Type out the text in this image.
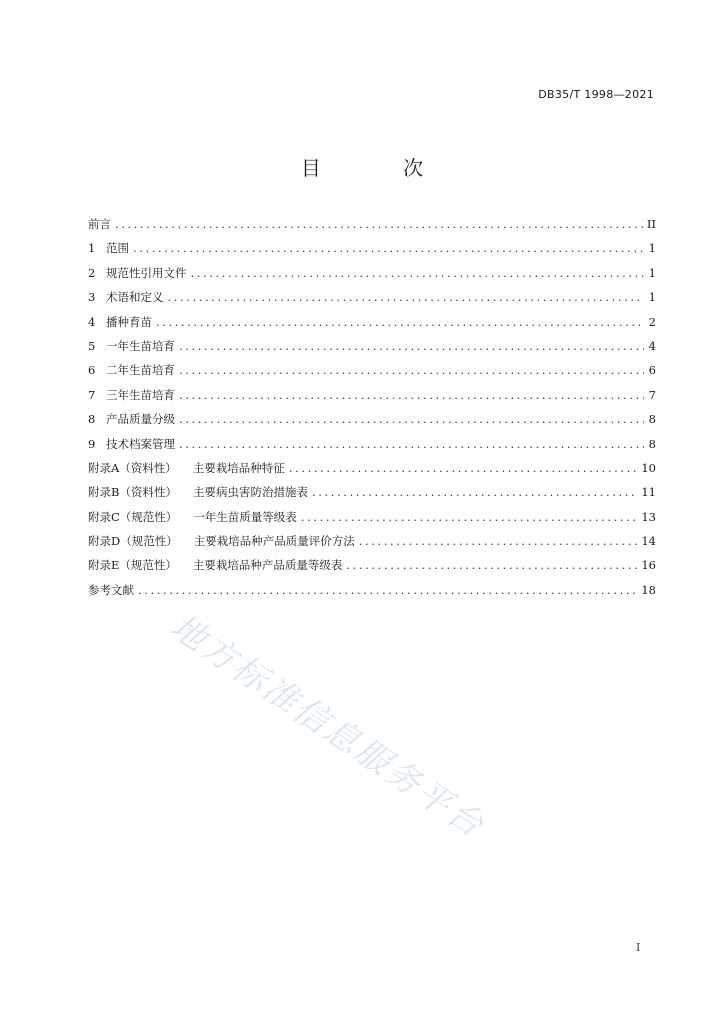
DB35/T 1998—2021
目 次
前言 .....	II
1 范围 .....	1
2 规范性引用文件 .....	1
3 术语和定义 .....	1
4 播种育苗 .....	2
5 一年生苗培育 .....	4
6 二年生苗培育 .....	6
7 三年生苗培育 .....	7
8 产品质量分级 .....	8
9 技术档案管理 .....	8
附录A（资料性） 主要栽培品种特征 .....	10
附录B（资料性） 主要病虫害防治措施表 .....	11
附录C（规范性） 一年生苗质量等级表 .....	13
附录D（规范性） 主要栽培品种产品质量评价方法 .....	14
附录E（规范性） 主要栽培品种产品质量等级表 .....	16
参考文献 .....	18
地方标准信息服务平台
I
